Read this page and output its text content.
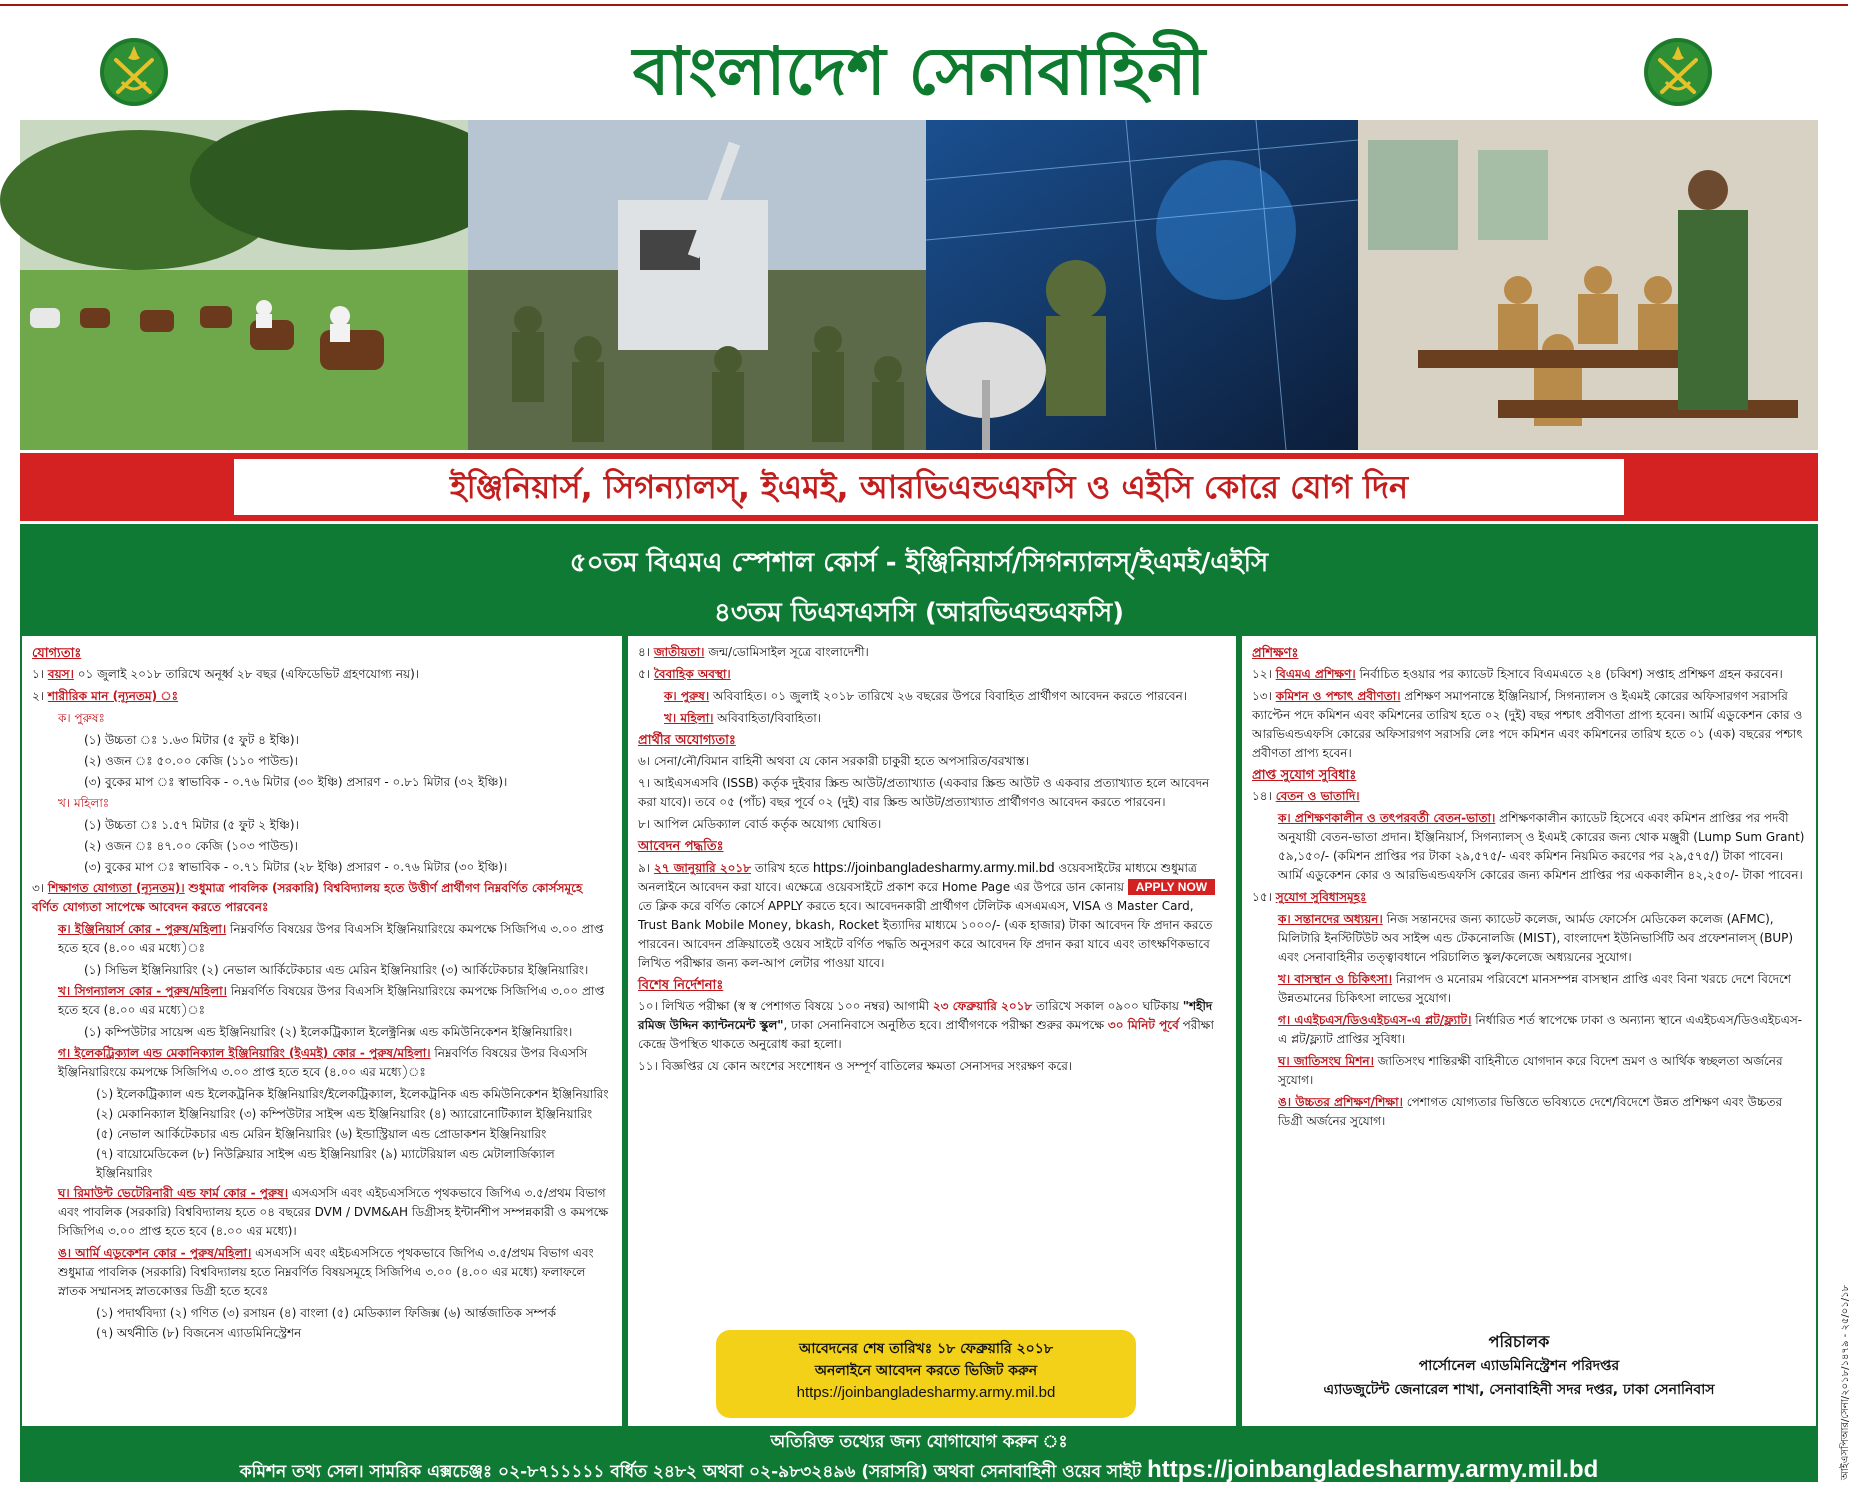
বাংলাদেশ সেনাবাহিনী
ইঞ্জিনিয়ার্স, সিগন্যালস্, ইএমই, আরভিএন্ডএফসি ও এইসি কোরে যোগ দিন
৫০তম বিএমএ স্পেশাল কোর্স - ইঞ্জিনিয়ার্স/সিগন্যালস্/ইএমই/এইসি
৪৩তম ডিএসএসসি (আরভিএন্ডএফসি)
যোগ্যতাঃ
১। বয়স। ০১ জুলাই ২০১৮ তারিখে অনূর্ধ্ব ২৮ বছর (এফিডেভিট গ্রহণযোগ্য নয়)।
২। শারীরিক মান (ন্যূনতম) ঃ
ক। পুরুষঃ
(১) উচ্চতা ঃ ১.৬৩ মিটার (৫ ফুট ৪ ইঞ্চি)।
(২) ওজন ঃ ৫০.০০ কেজি (১১০ পাউন্ড)।
(৩) বুকের মাপ ঃ স্বাভাবিক - ০.৭৬ মিটার (৩০ ইঞ্চি) প্রসারণ - ০.৮১ মিটার (৩২ ইঞ্চি)।
খ। মহিলাঃ
(১) উচ্চতা ঃ ১.৫৭ মিটার (৫ ফুট ২ ইঞ্চি)।
(২) ওজন ঃ ৪৭.০০ কেজি (১০৩ পাউন্ড)।
(৩) বুকের মাপ ঃ স্বাভাবিক - ০.৭১ মিটার (২৮ ইঞ্চি) প্রসারণ - ০.৭৬ মিটার (৩০ ইঞ্চি)।
৩। শিক্ষাগত যোগ্যতা (ন্যূনতম)। শুধুমাত্র পাবলিক (সরকারি) বিশ্ববিদ্যালয় হতে উত্তীর্ণ প্রার্থীগণ নিম্নবর্ণিত কোর্সসমূহে বর্ণিত যোগ্যতা সাপেক্ষে আবেদন করতে পারবেনঃ
ক। ইঞ্জিনিয়ার্স কোর - পুরুষ/মহিলা। নিম্নবর্ণিত বিষয়ের উপর বিএসসি ইঞ্জিনিয়ারিংয়ে কমপক্ষে সিজিপিএ ৩.০০ প্রাপ্ত হতে হবে (৪.০০ এর মধ্যে)ঃ
(১) সিভিল ইঞ্জিনিয়ারিং (২) নেভাল আর্কিটেকচার এন্ড মেরিন ইঞ্জিনিয়ারিং (৩) আর্কিটেকচার ইঞ্জিনিয়ারিং।
খ। সিগন্যালস কোর - পুরুষ/মহিলা। নিম্নবর্ণিত বিষয়ের উপর বিএসসি ইঞ্জিনিয়ারিংয়ে কমপক্ষে সিজিপিএ ৩.০০ প্রাপ্ত হতে হবে (৪.০০ এর মধ্যে)ঃ
(১) কম্পিউটার সায়েন্স এন্ড ইঞ্জিনিয়ারিং (২) ইলেকট্রিক্যাল ইলেক্ট্রনিক্স এন্ড কমিউনিকেশন ইঞ্জিনিয়ারিং।
গ। ইলেকট্রিক্যাল এন্ড মেকানিক্যাল ইঞ্জিনিয়ারিং (ইএমই) কোর - পুরুষ/মহিলা। নিম্নবর্ণিত বিষয়ের উপর বিএসসি ইঞ্জিনিয়ারিংয়ে কমপক্ষে সিজিপিএ ৩.০০ প্রাপ্ত হতে হবে (৪.০০ এর মধ্যে)ঃ
(১) ইলেকট্রিক্যাল এন্ড ইলেকট্রনিক ইঞ্জিনিয়ারিং/ইলেকট্রিক্যাল, ইলেকট্রনিক এন্ড কমিউনিকেশন ইঞ্জিনিয়ারিং
(২) মেকানিক্যাল ইঞ্জিনিয়ারিং (৩) কম্পিউটার সাইন্স এন্ড ইঞ্জিনিয়ারিং (৪) অ্যারোনোটিক্যাল ইঞ্জিনিয়ারিং
(৫) নেভাল আর্কিটেকচার এন্ড মেরিন ইঞ্জিনিয়ারিং (৬) ইন্ডাস্ট্রিয়াল এন্ড প্রোডাকশন ইঞ্জিনিয়ারিং
(৭) বায়োমেডিকেল (৮) নিউক্লিয়ার সাইন্স এন্ড ইঞ্জিনিয়ারিং (৯) ম্যাটেরিয়াল এন্ড মেটালার্জিক্যাল ইঞ্জিনিয়ারিং
ঘ। রিমাউন্ট ভেটেরিনারী এন্ড ফার্ম কোর - পুরুষ। এসএসসি এবং এইচএসসিতে পৃথকভাবে জিপিএ ৩.৫/প্রথম বিভাগ এবং পাবলিক (সরকারি) বিশ্ববিদ্যালয় হতে ০৪ বছরের DVM / DVM&AH ডিগ্রীসহ ইন্টার্নশীপ সম্পন্নকারী ও কমপক্ষে সিজিপিএ ৩.০০ প্রাপ্ত হতে হবে (৪.০০ এর মধ্যে)।
ঙ। আর্মি এডুকেশন কোর - পুরুষ/মহিলা। এসএসসি এবং এইচএসসিতে পৃথকভাবে জিপিএ ৩.৫/প্রথম বিভাগ এবং শুধুমাত্র পাবলিক (সরকারি) বিশ্ববিদ্যালয় হতে নিম্নবর্ণিত বিষয়সমূহে সিজিপিএ ৩.০০ (৪.০০ এর মধ্যে) ফলাফলে স্নাতক সম্মানসহ স্নাতকোত্তর ডিগ্রী হতে হবেঃ
(১) পদার্থবিদ্যা (২) গণিত (৩) রসায়ন (৪) বাংলা (৫) মেডিক্যাল ফিজিক্স (৬) আর্ন্তজাতিক সম্পর্ক
(৭) অর্থনীতি (৮) বিজনেস এ্যাডমিনিস্ট্রেশন
৪। জাতীয়তা। জন্ম/ডোমিসাইল সূত্রে বাংলাদেশী।
৫। বৈবাহিক অবস্থা।
ক। পুরুষ। অবিবাহিত। ০১ জুলাই ২০১৮ তারিখে ২৬ বছরের উপরে বিবাহিত প্রার্থীগণ আবেদন করতে পারবেন।
খ। মহিলা। অবিবাহিতা/বিবাহিতা।
প্রার্থীর অযোগ্যতাঃ
৬। সেনা/নৌ/বিমান বাহিনী অথবা যে কোন সরকারী চাকুরী হতে অপসারিত/বরখাস্ত।
৭। আইএসএসবি (ISSB) কর্তৃক দুইবার স্ক্রিন্ড আউট/প্রত্যাখ্যাত (একবার স্ক্রিন্ড আউট ও একবার প্রত্যাখ্যাত হলে আবেদন করা যাবে)। তবে ০৫ (পাঁচ) বছর পূর্বে ০২ (দুই) বার স্ক্রিন্ড আউট/প্রত্যাখ্যাত প্রার্থীগণও আবেদন করতে পারবেন।
৮। আপিল মেডিক্যাল বোর্ড কর্তৃক অযোগ্য ঘোষিত।
আবেদন পদ্ধতিঃ
৯। ২৭ জানুয়ারি ২০১৮ তারিখ হতে https://joinbangladesharmy.army.mil.bd ওয়েবসাইটের মাধ্যমে শুধুমাত্র অনলাইনে আবেদন করা যাবে। এক্ষেত্রে ওয়েবসাইটে প্রকাশ করে Home Page এর উপরে ডান কোনায় APPLY NOW তে ক্লিক করে বর্ণিত কোর্সে APPLY করতে হবে। আবেদনকারী প্রার্থীগণ টেলিটক এসএমএস, VISA ও Master Card, Trust Bank Mobile Money, bkash, Rocket ইত্যাদির মাধ্যমে ১০০০/- (এক হাজার) টাকা আবেদন ফি প্রদান করতে পারবেন। আবেদন প্রক্রিয়াতেই ওয়েব সাইটে বর্ণিত পদ্ধতি অনুসরণ করে আবেদন ফি প্রদান করা যাবে এবং তাৎক্ষণিকভাবে লিখিত পরীক্ষার জন্য কল-আপ লেটার পাওয়া যাবে।
বিশেষ নির্দেশনাঃ
১০। লিখিত পরীক্ষা (স্ব স্ব পেশাগত বিষয়ে ১০০ নম্বর) আগামী ২৩ ফেব্রুয়ারি ২০১৮ তারিখে সকাল ০৯০০ ঘটিকায় "শহীদ রমিজ উদ্দিন ক্যান্টনমেন্ট স্কুল", ঢাকা সেনানিবাসে অনুষ্ঠিত হবে। প্রার্থীগণকে পরীক্ষা শুরুর কমপক্ষে ৩০ মিনিট পূর্বে পরীক্ষা কেন্দ্রে উপস্থিত থাকতে অনুরোধ করা হলো।
১১। বিজ্ঞপ্তির যে কোন অংশের সংশোধন ও সম্পূর্ণ বাতিলের ক্ষমতা সেনাসদর সংরক্ষণ করে।
আবেদনের শেষ তারিখঃ ১৮ ফেব্রুয়ারি ২০১৮
অনলাইনে আবেদন করতে ভিজিট করুন
https://joinbangladesharmy.army.mil.bd
প্রশিক্ষণঃ
১২। বিএমএ প্রশিক্ষণ। নির্বাচিত হওয়ার পর ক্যাডেট হিসাবে বিএমএতে ২৪ (চব্বিশ) সপ্তাহ প্রশিক্ষণ গ্রহন করবেন।
১৩। কমিশন ও পশ্চাৎ প্রবীণতা। প্রশিক্ষণ সমাপনান্তে ইঞ্জিনিয়ার্স, সিগন্যালস ও ইএমই কোরের অফিসারগণ সরাসরি ক্যাপ্টেন পদে কমিশন এবং কমিশনের তারিখ হতে ০২ (দুই) বছর পশ্চাৎ প্রবীণতা প্রাপ্য হবেন। আর্মি এডুকেশন কোর ও আরভিএন্ডএফসি কোরের অফিসারগণ সরাসরি লেঃ পদে কমিশন এবং কমিশনের তারিখ হতে ০১ (এক) বছরের পশ্চাৎ প্রবীণতা প্রাপ্য হবেন।
প্রাপ্ত সুযোগ সুবিধাঃ
১৪। বেতন ও ভাতাদি।
ক। প্রশিক্ষণকালীন ও তৎপরবর্তী বেতন-ভাতা। প্রশিক্ষণকালীন ক্যাডেট হিসেবে এবং কমিশন প্রাপ্তির পর পদবী অনুযায়ী বেতন-ভাতা প্রদান। ইঞ্জিনিয়ার্স, সিগন্যালস্ ও ইএমই কোরের জন্য থোক মঞ্জুরী (Lump Sum Grant) ৫৯,১৫০/- (কমিশন প্রাপ্তির পর টাকা ২৯,৫৭৫/- এবং কমিশন নিয়মিত করণের পর ২৯,৫৭৫/) টাকা পাবেন। আর্মি এডুকেশন কোর ও আরভিএন্ডএফসি কোরের জন্য কমিশন প্রাপ্তির পর এককালীন ৪২,২৫০/- টাকা পাবেন।
১৫। সুযোগ সুবিধাসমূহঃ
ক। সন্তানদের অধ্যয়ন। নিজ সন্তানদের জন্য ক্যাডেট কলেজ, আর্মড ফোর্সেস মেডিকেল কলেজ (AFMC), মিলিটারি ইনস্টিটিউট অব সাইন্স এন্ড টেকনোলজি (MIST), বাংলাদেশ ইউনিভার্সিটি অব প্রফেশনালস্ (BUP) এবং সেনাবাহিনীর তত্ত্বাবধানে পরিচালিত স্কুল/কলেজে অধ্যয়নের সুযোগ।
খ। বাসস্থান ও চিকিৎসা। নিরাপদ ও মনোরম পরিবেশে মানসম্পন্ন বাসস্থান প্রাপ্তি এবং বিনা খরচে দেশে বিদেশে উন্নতমানের চিকিৎসা লাভের সুযোগ।
গ। এএইচএস/ডিওএইচএস-এ প্লট/ফ্ল্যাট। নির্ধারিত শর্ত স্বাপেক্ষে ঢাকা ও অন্যান্য স্থানে এএইচএস/ডিওএইচএস-এ প্লট/ফ্ল্যাট প্রাপ্তির সুবিধা।
ঘ। জাতিসংঘ মিশন। জাতিসংঘ শান্তিরক্ষী বাহিনীতে যোগদান করে বিদেশ ভ্রমণ ও আর্থিক স্বচ্ছলতা অর্জনের সুযোগ।
ঙ। উচ্চতর প্রশিক্ষণ/শিক্ষা। পেশাগত যোগ্যতার ভিত্তিতে ভবিষ্যতে দেশে/বিদেশে উন্নত প্রশিক্ষণ এবং উচ্চতর ডিগ্রী অর্জনের সুযোগ।
পরিচালক
পার্সোনেল এ্যাডমিনিস্ট্রেশন পরিদপ্তর
এ্যাডজুটেন্ট জেনারেল শাখা, সেনাবাহিনী সদর দপ্তর, ঢাকা সেনানিবাস
অতিরিক্ত তথ্যের জন্য যোগাযোগ করুন ঃ
কমিশন তথ্য সেল। সামরিক এক্সচেঞ্জঃ ০২-৮৭১১১১১ বর্ধিত ২৪৮২ অথবা ০২-৯৮৩২৪৯৬ (সরাসরি) অথবা সেনাবাহিনী ওয়েব সাইট https://joinbangladesharmy.army.mil.bd	আইএসপিআর/সেনা/২০১৮/১৪৭৯ - ২৫/০১/১৮
